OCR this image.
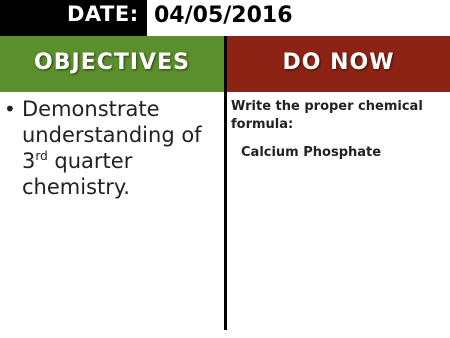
DATE: 04/05/2016
OBJECTIVES	DO NOW
• Demonstrate understanding of 3rd quarter chemistry.
Write the proper chemical formula:
Calcium Phosphate
